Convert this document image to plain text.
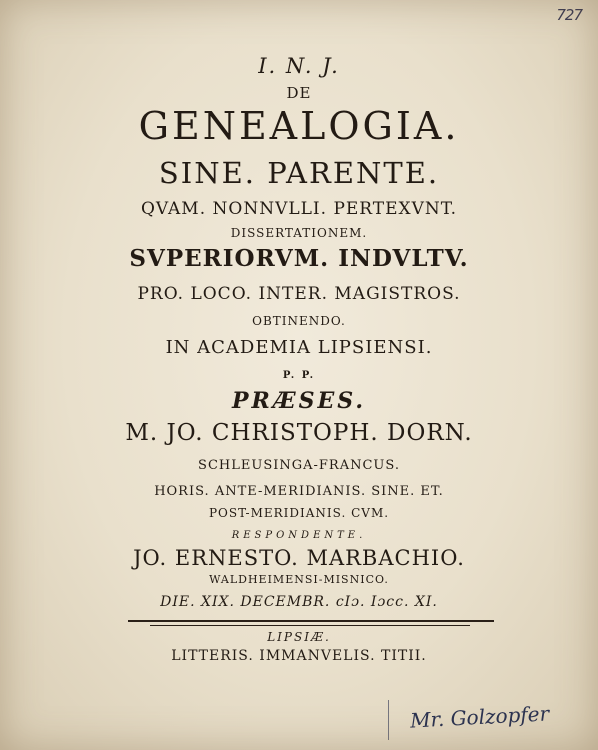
727
I. N. J.
DE
GENEALOGIA.
SINE. PARENTE.
QVAM. NONNVLLI. PERTEXVNT.
DISSERTATIONEM.
SVPERIORVM. INDVLTV.
PRO. LOCO. INTER. MAGISTROS.
OBTINENDO.
IN ACADEMIA LIPSIENSI.
P. P.
PRÆSES.
M. JO. CHRISTOPH. DORN.
SCHLEUSINGA-FRANCUS.
HORIS. ANTE-MERIDIANIS. SINE. ET.
POST-MERIDIANIS. CVM.
RESPONDENTE.
JO. ERNESTO. MARBACHIO.
WALDHEIMENSI-MISNICO.
DIE. XIX. DECEMBR. cIɔ. Iɔcc. XI.
LIPSIÆ.
LITTERIS. IMMANVELIS. TITII.
Mr. Golzopfer
